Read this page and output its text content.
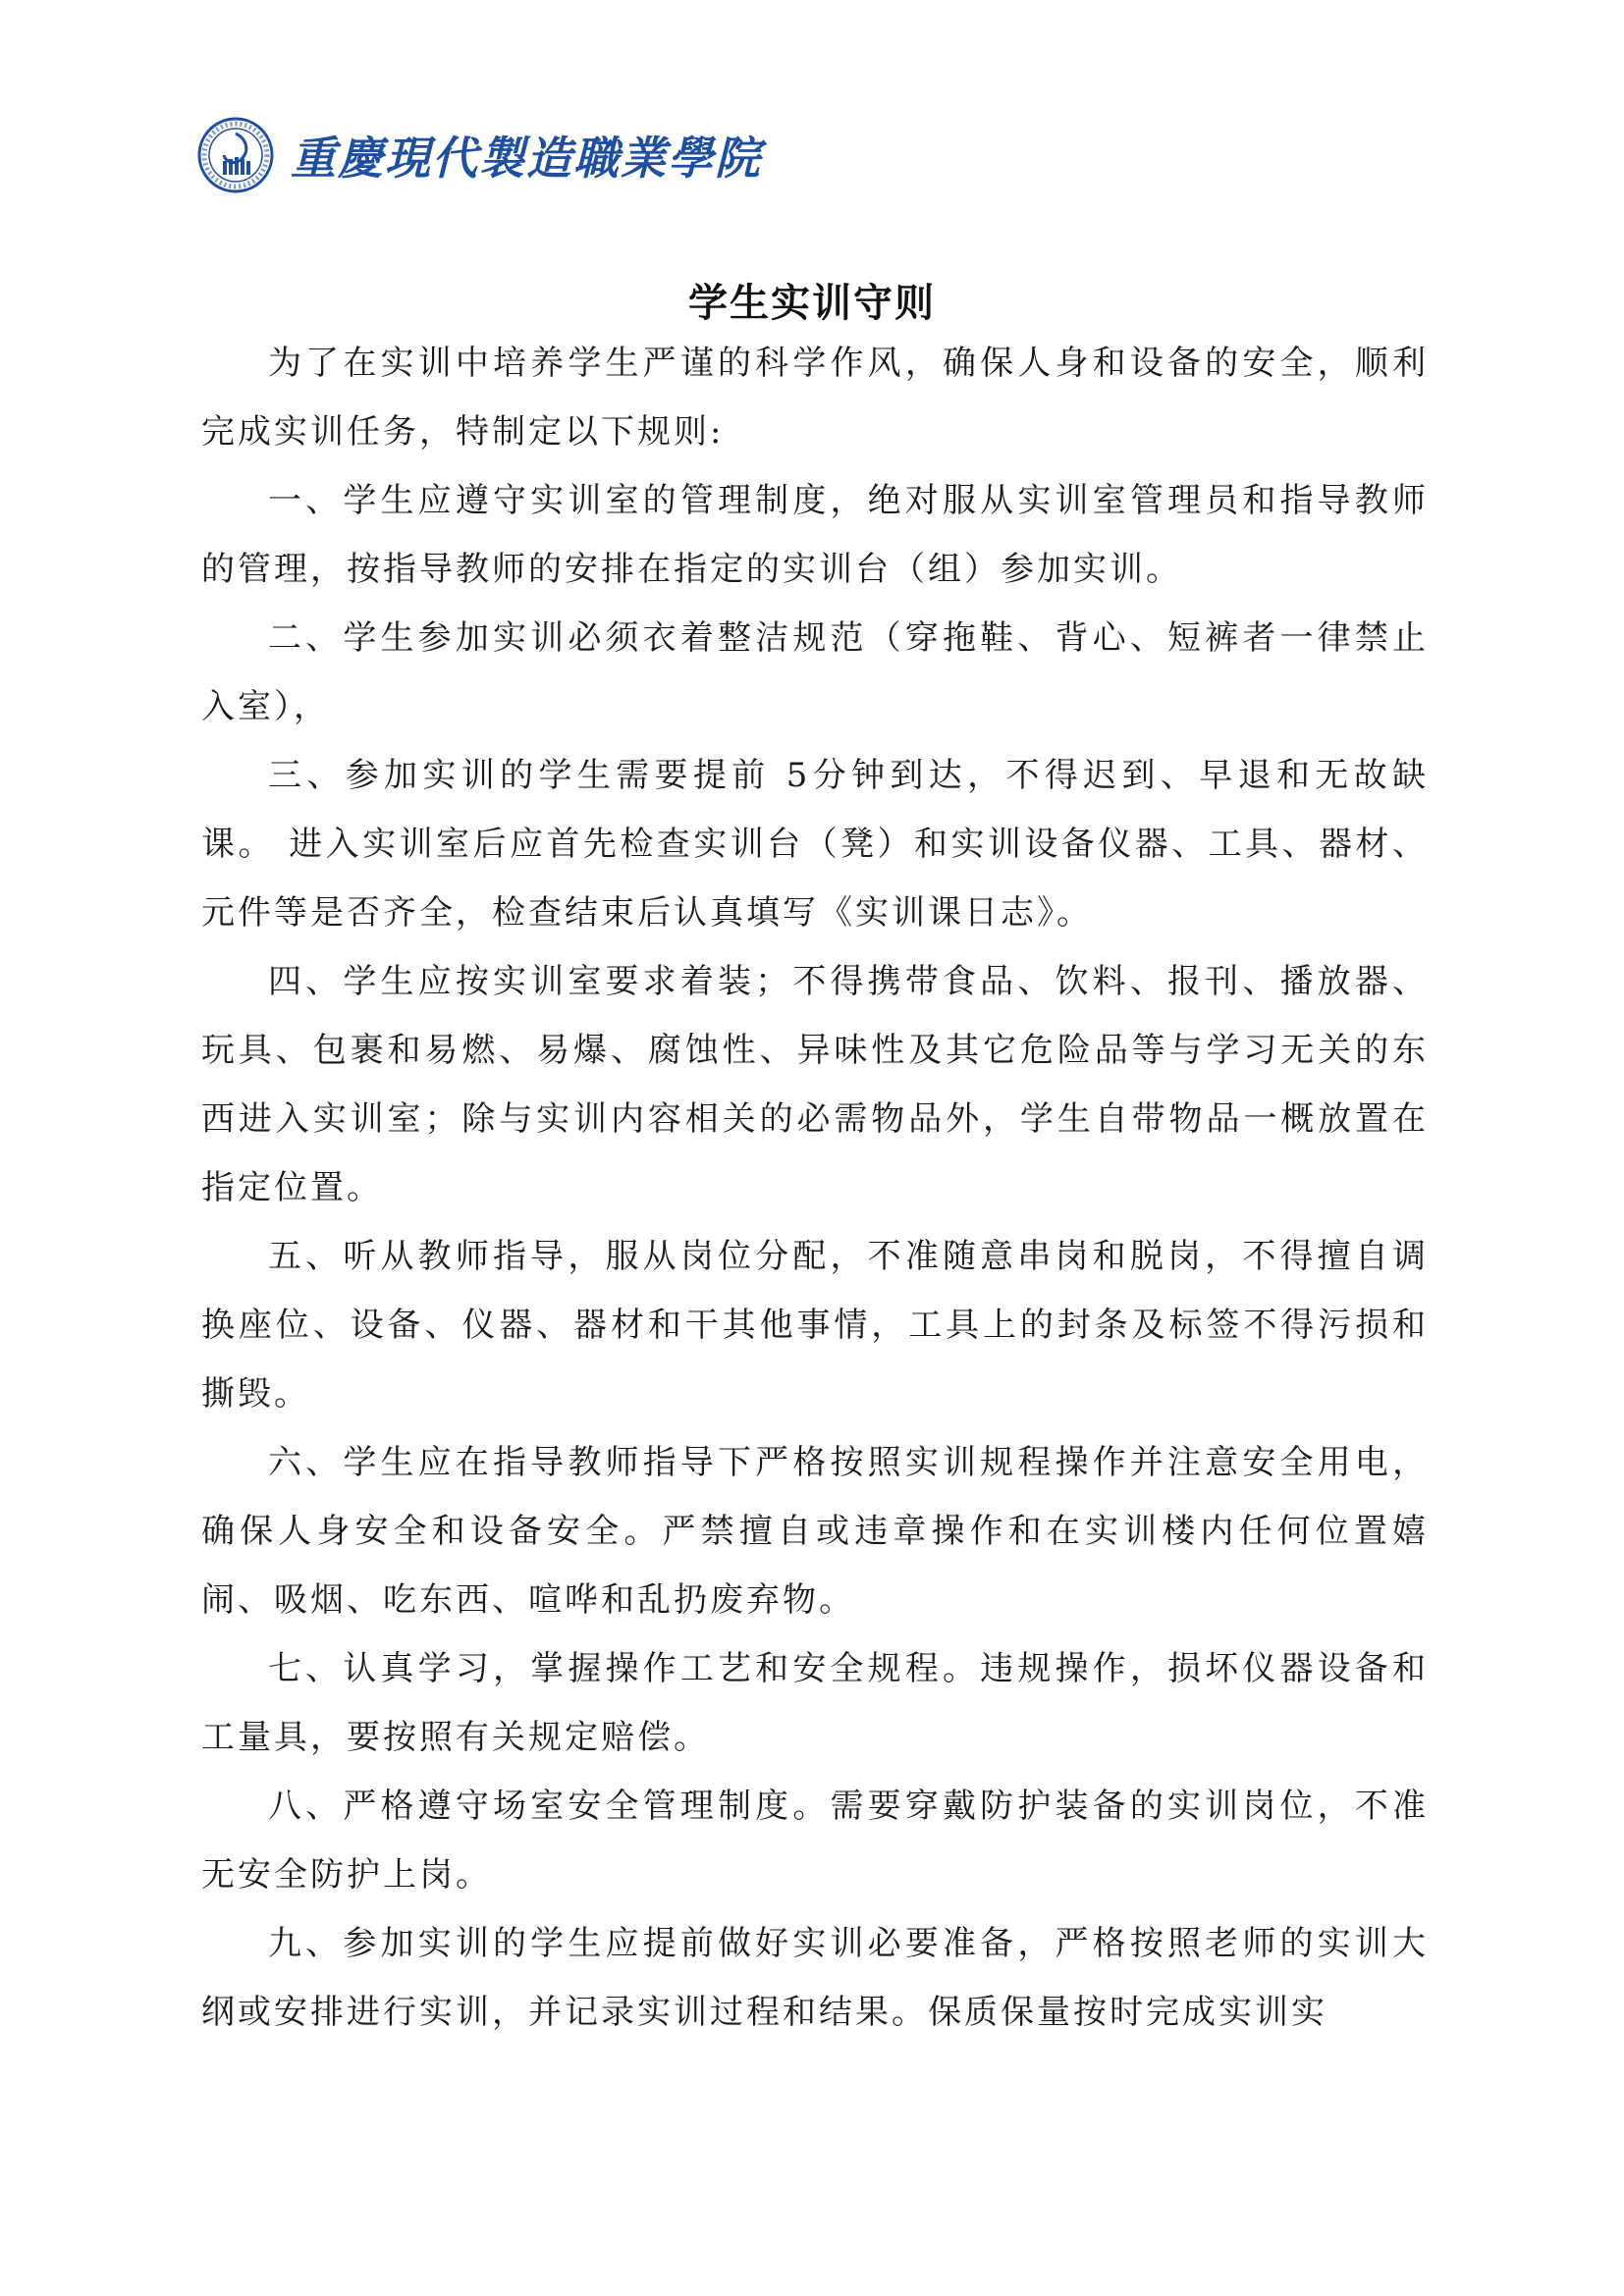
重慶現代製造職業學院
学生实训守则

为了在实训中培养学生严谨的科学作风，确保人身和设备的安全，顺利完成实训任务，特制定以下规则:

一、学生应遵守实训室的管理制度，绝对服从实训室管理员和指导教师的管理，按指导教师的安排在指定的实训台（组）参加实训。

二、学生参加实训必须衣着整洁规范（穿拖鞋、背心、短裤者一律禁止入室），

三、参加实训的学生需要提前 5分钟到达，不得迟到、早退和无故缺课。 进入实训室后应首先检查实训台（凳）和实训设备仪器、工具、器材、元件等是否齐全，检查结束后认真填写《实训课日志》。

四、学生应按实训室要求着装；不得携带食品、饮料、报刊、播放器、玩具、包裹和易燃、易爆、腐蚀性、异味性及其它危险品等与学习无关的东西进入实训室；除与实训内容相关的必需物品外，学生自带物品一概放置在指定位置。

五、听从教师指导，服从岗位分配，不准随意串岗和脱岗，不得擅自调换座位、设备、仪器、器材和干其他事情，工具上的封条及标签不得污损和撕毁。

六、学生应在指导教师指导下严格按照实训规程操作并注意安全用电，确保人身安全和设备安全。严禁擅自或违章操作和在实训楼内任何位置嬉闹、吸烟、吃东西、喧哗和乱扔废弃物。

七、认真学习，掌握操作工艺和安全规程。违规操作，损坏仪器设备和工量具，要按照有关规定赔偿。

八、严格遵守场室安全管理制度。需要穿戴防护装备的实训岗位，不准无安全防护上岗。

九、参加实训的学生应提前做好实训必要准备，严格按照老师的实训大纲或安排进行实训，并记录实训过程和结果。保质保量按时完成实训实
